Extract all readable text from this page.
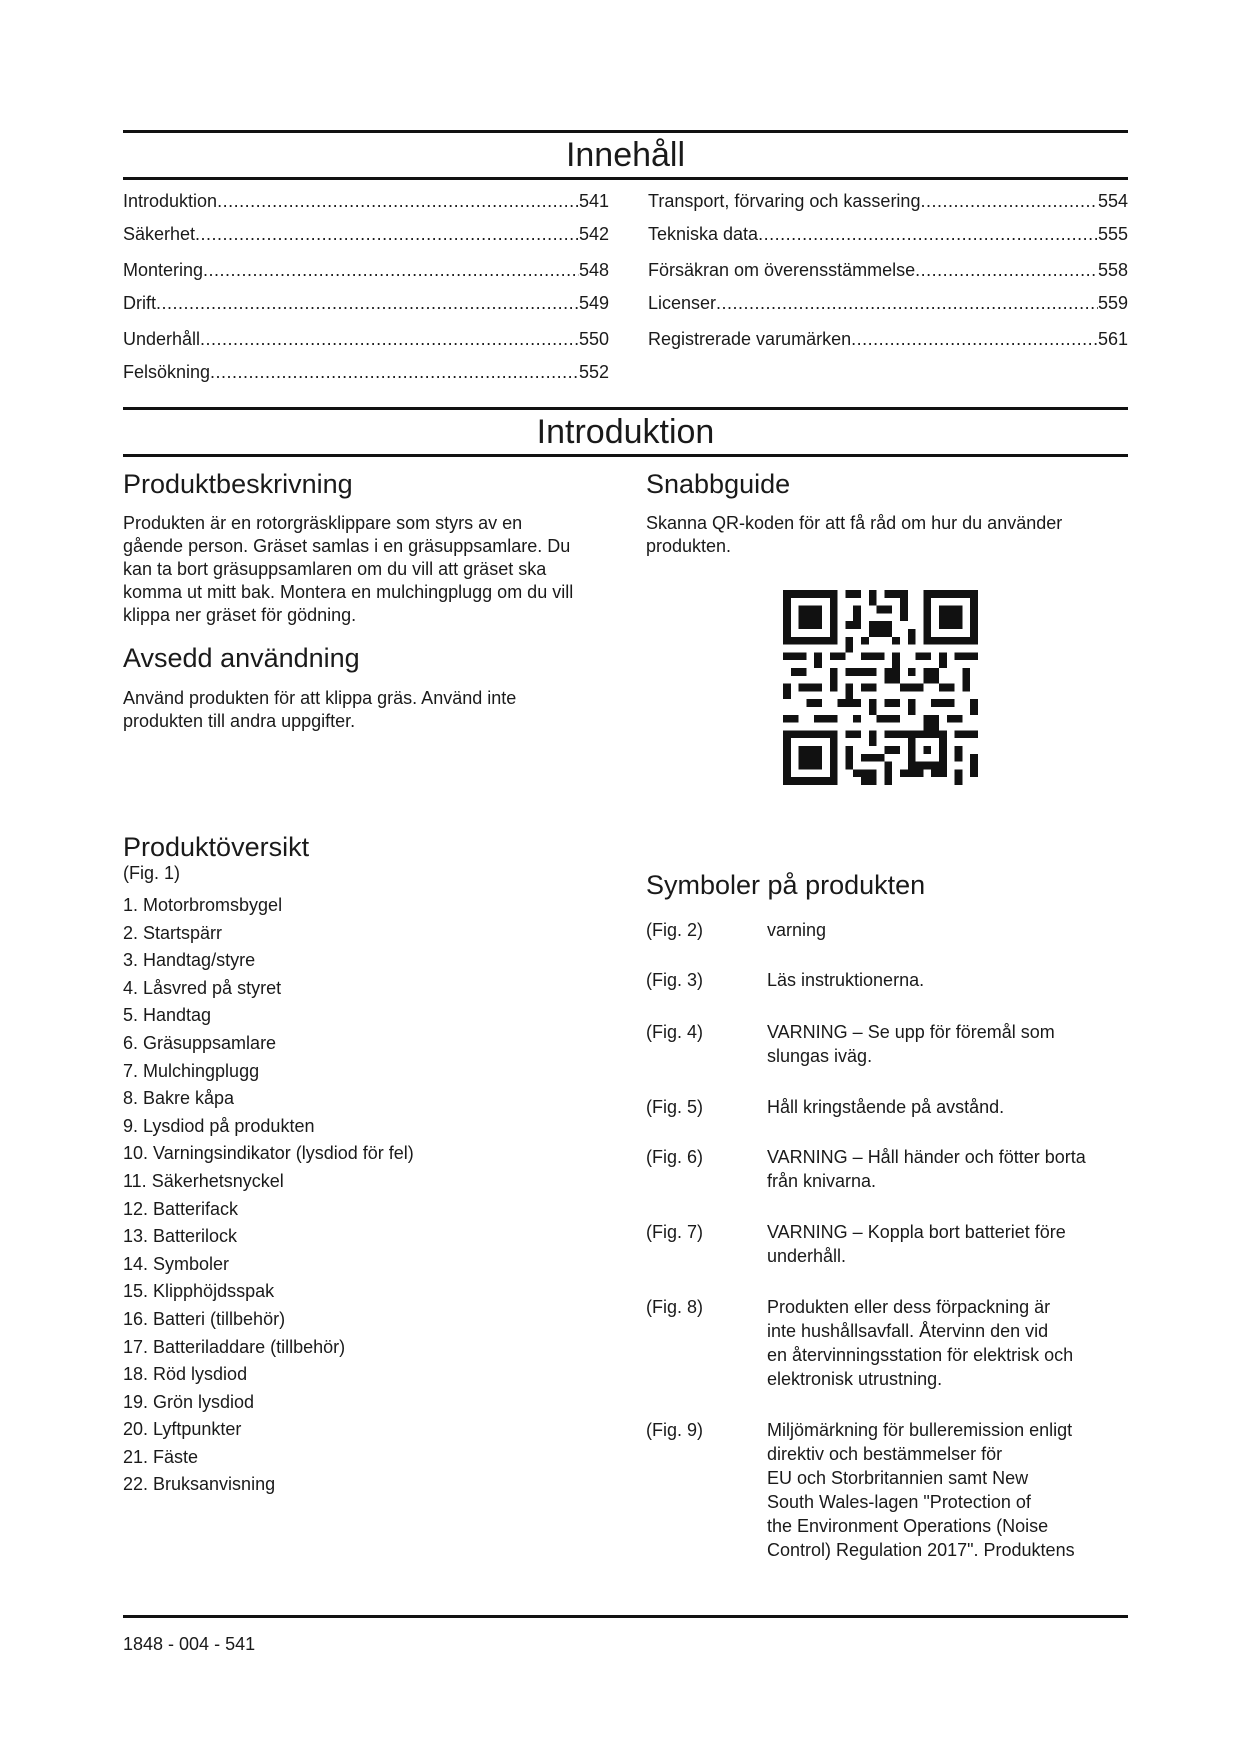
Innehåll
Introduktion .....	541
Säkerhet .....	542
Montering .....	548
Drift .....	549
Underhåll .....	550
Felsökning .....	552
Transport, förvaring och kassering .....	554
Tekniska data .....	555
Försäkran om överensstämmelse .....	558
Licenser .....	559
Registrerade varumärken .....	561
Introduktion
Produktbeskrivning
Produkten är en rotorgräsklippare som styrs av en
gående person. Gräset samlas i en gräsuppsamlare. Du
kan ta bort gräsuppsamlaren om du vill att gräset ska
komma ut mitt bak. Montera en mulchingplugg om du vill
klippa ner gräset för gödning.
Avsedd användning
Använd produkten för att klippa gräs. Använd inte
produkten till andra uppgifter.
Snabbguide
Skanna QR-koden för att få råd om hur du använder
produkten.
Produktöversikt
(Fig. 1)
1. Motorbromsbygel
2. Startspärr
3. Handtag/styre
4. Låsvred på styret
5. Handtag
6. Gräsuppsamlare
7. Mulchingplugg
8. Bakre kåpa
9. Lysdiod på produkten
10. Varningsindikator (lysdiod för fel)
11. Säkerhetsnyckel
12. Batterifack
13. Batterilock
14. Symboler
15. Klipphöjdsspak
16. Batteri (tillbehör)
17. Batteriladdare (tillbehör)
18. Röd lysdiod
19. Grön lysdiod
20. Lyftpunkter
21. Fäste
22. Bruksanvisning
Symboler på produkten
(Fig. 2)	varning
(Fig. 3)	Läs instruktionerna.
(Fig. 4)	VARNING – Se upp för föremål som
slungas iväg.
(Fig. 5)	Håll kringstående på avstånd.
(Fig. 6)	VARNING – Håll händer och fötter borta
från knivarna.
(Fig. 7)	VARNING – Koppla bort batteriet före
underhåll.
(Fig. 8)	Produkten eller dess förpackning är
inte hushållsavfall. Återvinn den vid
en återvinningsstation för elektrisk och
elektronisk utrustning.
(Fig. 9)	Miljömärkning för bulleremission enligt
direktiv och bestämmelser för
EU och Storbritannien samt New
South Wales-lagen "Protection of
the Environment Operations (Noise
Control) Regulation 2017". Produktens
1848 - 004 - 541
